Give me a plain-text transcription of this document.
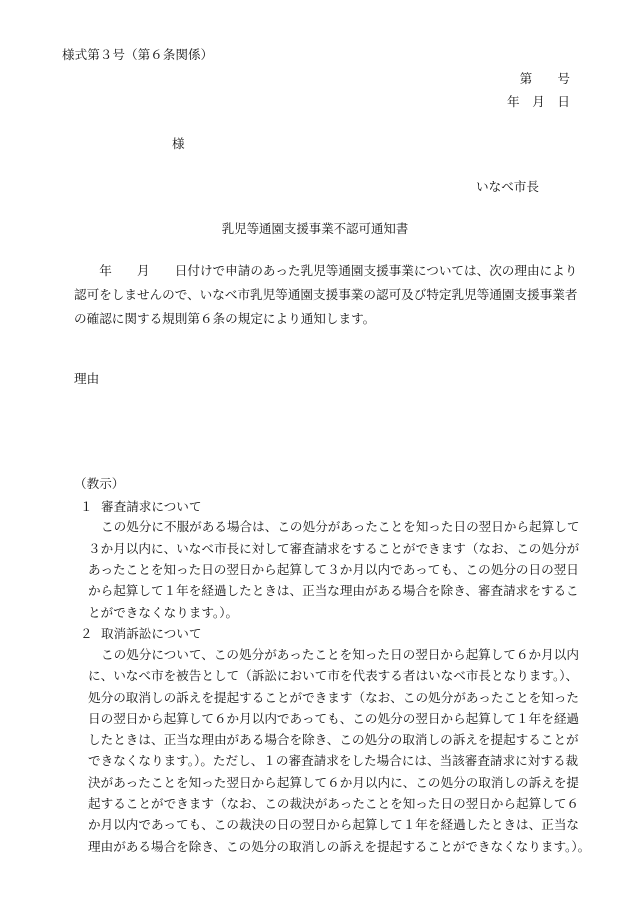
様式第３号（第６条関係）
第　　号
年　月　日
様
いなべ市長
乳児等通園支援事業不認可通知書

　　年　　月　　日付けで申請のあった乳児等通園支援事業については、次の理由により

認可をしませんので、いなべ市乳児等通園支援事業の認可及び特定乳児等通園支援事業者

の確認に関する規則第６条の規定により通知します。

理由
（教示）
１ 審査請求について

この処分に不服がある場合は、この処分があったことを知った日の翌日から起算して

３か月以内に、いなべ市長に対して審査請求をすることができます（なお、この処分が

あったことを知った日の翌日から起算して３か月以内であっても、この処分の日の翌日

から起算して１年を経過したときは、正当な理由がある場合を除き、審査請求をするこ

とができなくなります。）。

２ 取消訴訟について

この処分について、この処分があったことを知った日の翌日から起算して６か月以内

に、いなべ市を被告として（訴訟において市を代表する者はいなべ市長となります。）、

処分の取消しの訴えを提起することができます（なお、この処分があったことを知った

日の翌日から起算して６か月以内であっても、この処分の翌日から起算して１年を経過

したときは、正当な理由がある場合を除き、この処分の取消しの訴えを提起することが

できなくなります。）。ただし、１の審査請求をした場合には、当該審査請求に対する裁

決があったことを知った翌日から起算して６か月以内に、この処分の取消しの訴えを提

起することができます（なお、この裁決があったことを知った日の翌日から起算して６

か月以内であっても、この裁決の日の翌日から起算して１年を経過したときは、正当な

理由がある場合を除き、この処分の取消しの訴えを提起することができなくなります。）。
